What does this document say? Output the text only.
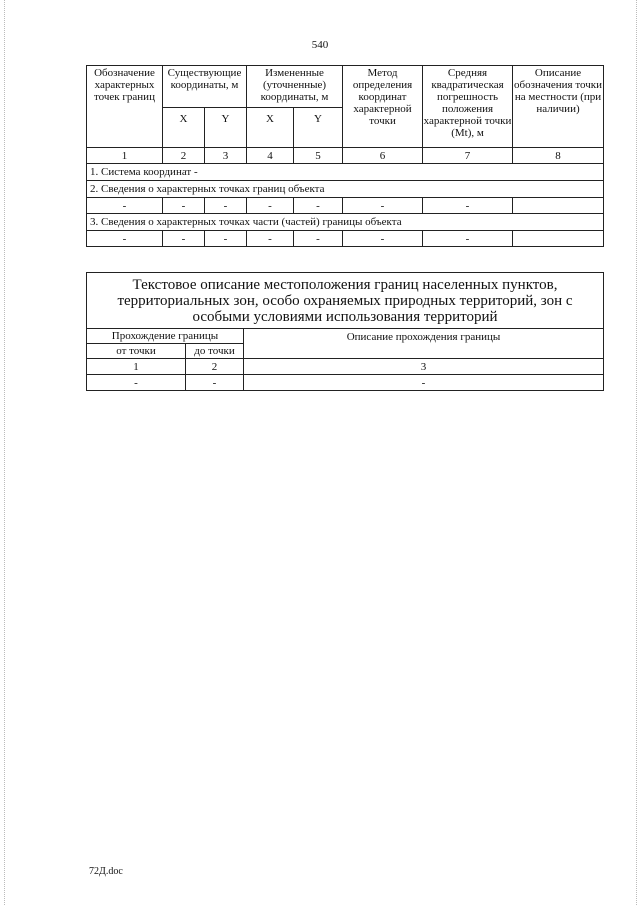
540
Обозначение характерных точек границ	Существующие координаты, м		Измененные (уточненные) координаты, м		Метод определения координат характерной точки	Средняя квадратическая погрешность положения характерной точки (Mt), м	Описание обозначения точки на местности (при наличии)
	X	Y	X	Y			
1	2	3	4	5	6	7	8
1. Система координат -							
2. Сведения о характерных точках границ объекта							
-	-	-	-	-	-	-	
3. Сведения о характерных точках части (частей) границы объекта							
-	-	-	-	-	-	-	
Текстовое описание местоположения границ населенных пунктов, территориальных зон, особо охраняемых природных территорий, зон с особыми условиями использования территорий		
Прохождение границы		Описание прохождения границы
от точки	до точки	
1	2	3
-	-	-
72Д.doc
